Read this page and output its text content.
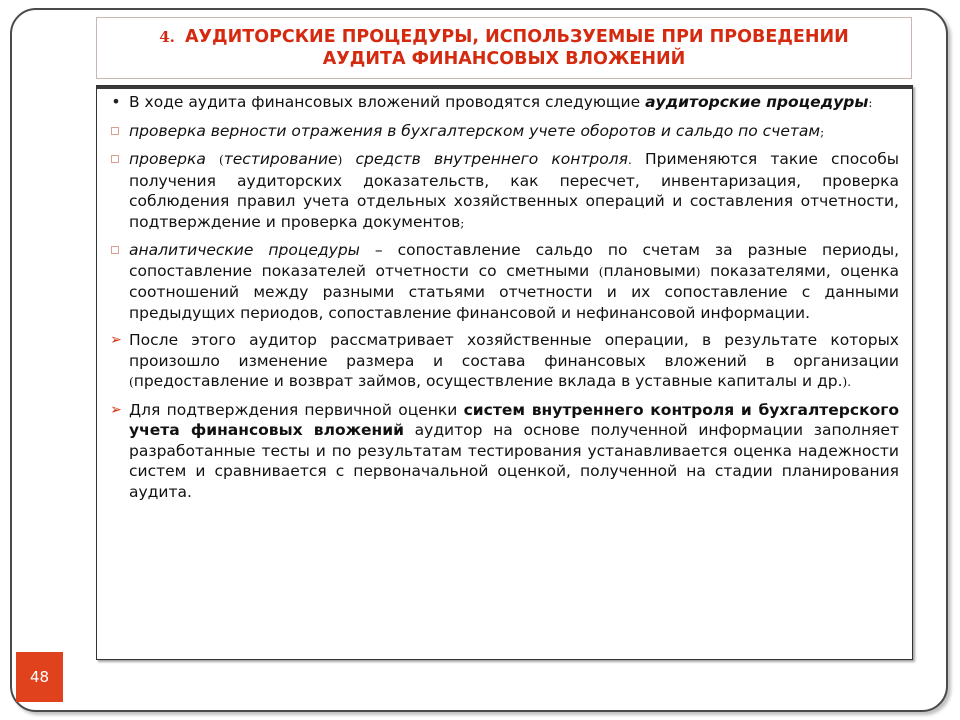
4. АУДИТОРСКИЕ ПРОЦЕДУРЫ, ИСПОЛЬЗУЕМЫЕ ПРИ ПРОВЕДЕНИИ
АУДИТА ФИНАНСОВЫХ ВЛОЖЕНИЙ
• В ходе аудита финансовых вложений проводятся следующие аудиторские процедуры:
проверка верности отражения в бухгалтерском учете оборотов и сальдо по счетам;
проверка (тестирование) средств внутреннего контроля. Применяются такие способы получения аудиторских доказательств, как пересчет, инвентаризация, проверка соблюдения правил учета отдельных хозяйственных операций и составления отчетности, подтверждение и проверка документов;
аналитические процедуры – сопоставление сальдо по счетам за разные периоды, сопоставление показателей отчетности со сметными (плановыми) показателями, оценка соотношений между разными статьями отчетности и их сопоставление с данными предыдущих периодов, сопоставление финансовой и нефинансовой информации.
➢ После этого аудитор рассматривает хозяйственные операции, в результате которых произошло изменение размера и состава финансовых вложений в организации (предоставление и возврат займов, осуществление вклада в уставные капиталы и др.).
➢ Для подтверждения первичной оценки систем внутреннего контроля и бухгалтерского учета финансовых вложений аудитор на основе полученной информации заполняет разработанные тесты и по результатам тестирования устанавливается оценка надежности систем и сравнивается с первоначальной оценкой, полученной на стадии планирования аудита.
48
